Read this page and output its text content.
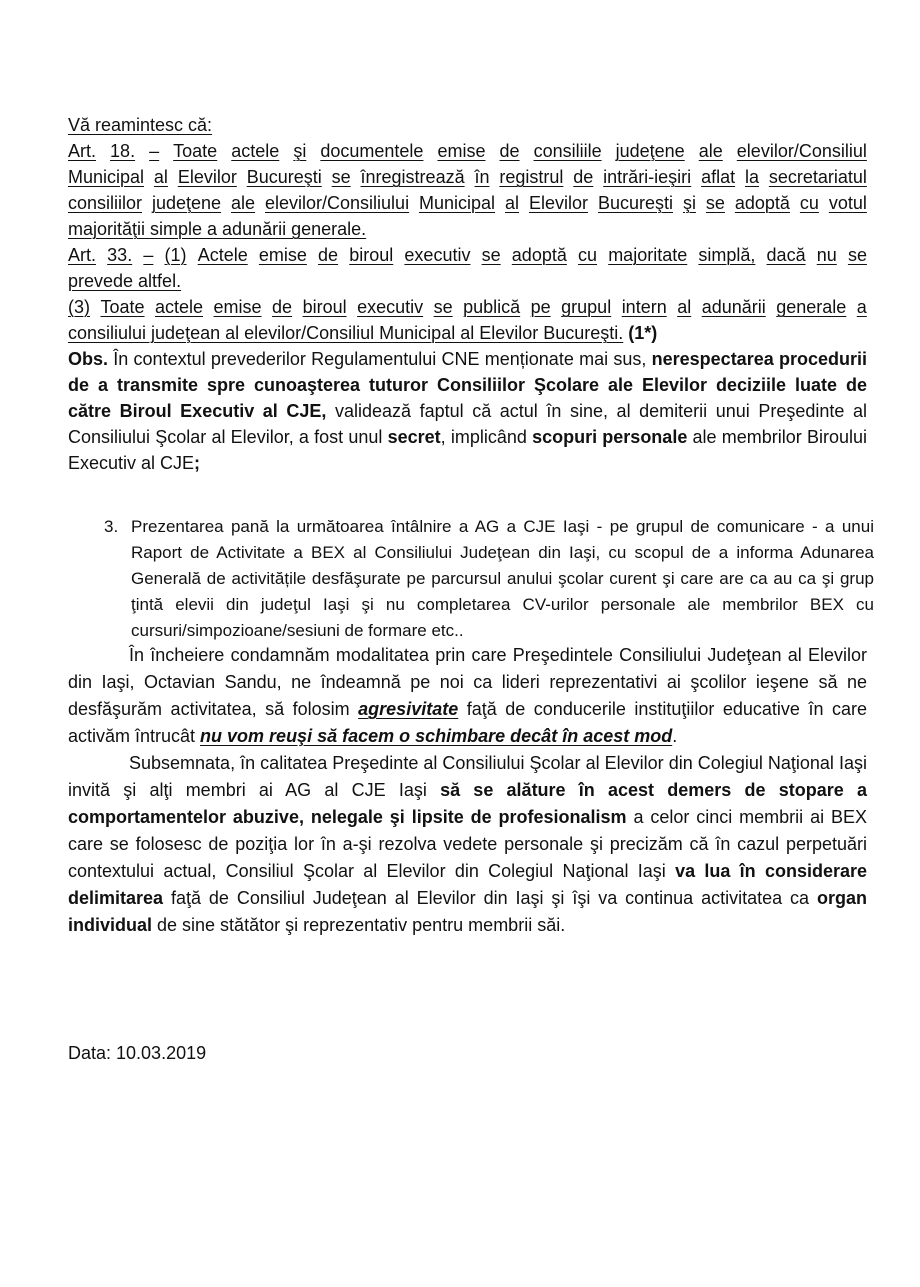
Vă reamintesc că:
Art. 18. – Toate actele şi documentele emise de consiliile judeţene ale elevilor/Consiliul
Municipal al Elevilor Bucureşti se înregistrează în registrul de intrări-ieşiri aflat la secretariatul
consiliilor judeţene ale elevilor/Consiliului Municipal al Elevilor Bucureşti şi se adoptă cu votul
majorităţii simple a adunării generale.
Art. 33. – (1) Actele emise de biroul executiv se adoptă cu majoritate simplă, dacă nu se
prevede altfel.
(3) Toate actele emise de biroul executiv se publică pe grupul intern al adunării generale a
consiliului judeţean al elevilor/Consiliul Municipal al Elevilor Bucureşti.
(1*)
Obs. În contextul prevederilor Regulamentului CNE menționate mai sus, nerespectarea procedurii de a transmite spre cunoaşterea tuturor Consiliilor Şcolare ale Elevilor deciziile luate de către Biroul Executiv al CJE, validează faptul că actul în sine, al demiterii unui Preşedinte al Consiliului Şcolar al Elevilor, a fost unul secret, implicând scopuri personale ale membrilor Biroului Executiv al CJE;
3. Prezentarea pană la următoarea întâlnire a AG a CJE Iaşi - pe grupul de comunicare - a unui Raport de Activitate a BEX al Consiliului Judeţean din Iaşi, cu scopul de a informa Adunarea Generală de activitățile desfăşurate pe parcursul anului şcolar curent şi care are ca au ca şi grup ţintă elevii din judeţul Iaşi şi nu completarea CV-urilor personale ale membrilor BEX cu cursuri/simpozioane/sesiuni de formare etc..
În încheiere condamnăm modalitatea prin care Preşedintele Consiliului Judeţean al Elevilor din Iaşi, Octavian Sandu, ne îndeamnă pe noi ca lideri reprezentativi ai şcolilor ieşene să ne desfăşurăm activitatea, să folosim agresivitate faţă de conducerile instituţiilor educative în care activăm întrucât nu vom reuşi să facem o schimbare decât în acest mod.
Subsemnata, în calitatea Preşedinte al Consiliului Şcolar al Elevilor din Colegiul Naţional Iaşi invită şi alţi membri ai AG al CJE Iaşi să se alăture în acest demers de stopare a comportamentelor abuzive, nelegale şi lipsite de profesionalism a celor cinci membrii ai BEX care se folosesc de poziţia lor în a-şi rezolva vedete personale şi precizăm că în cazul perpetuări contextului actual, Consiliul Şcolar al Elevilor din Colegiul Naţional Iaşi va lua în considerare delimitarea faţă de Consiliul Judeţean al Elevilor din Iaşi şi îşi va continua activitatea ca organ individual de sine stătător şi reprezentativ pentru membrii săi.
Data: 10.03.2019
